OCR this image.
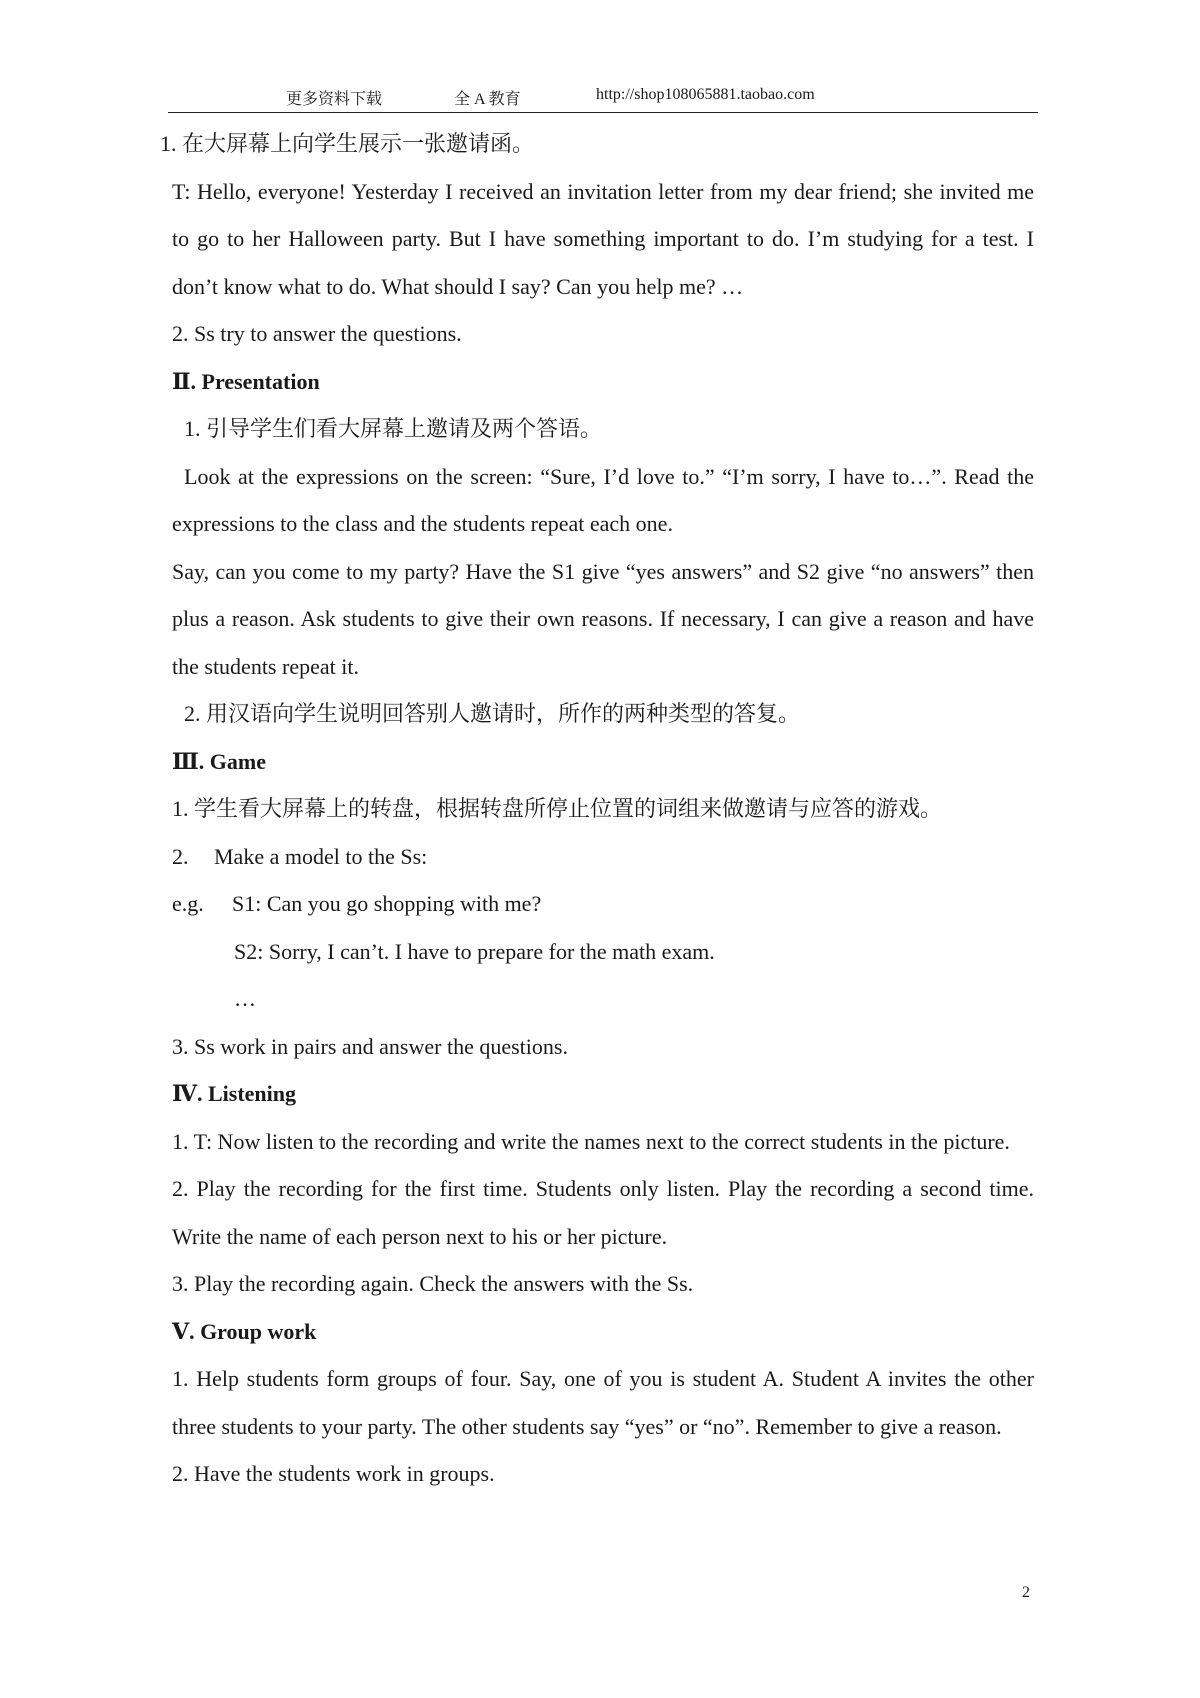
更多资料下载	全 A 教育	http://shop108065881.taobao.com
1. 在大屏幕上向学生展示一张邀请函。
T: Hello, everyone! Yesterday I received an invitation letter from my dear friend; she invited me to go to her Halloween party. But I have something important to do. I’m studying for a test. I don’t know what to do. What should I say? Can you help me? …
2. Ss try to answer the questions.
Ⅱ. Presentation
1. 引导学生们看大屏幕上邀请及两个答语。
Look at the expressions on the screen: “Sure, I’d love to.” “I’m sorry, I have to…”. Read the expressions to the class and the students repeat each one.
Say, can you come to my party? Have the S1 give “yes answers” and S2 give “no answers” then plus a reason. Ask students to give their own reasons. If necessary, I can give a reason and have the students repeat it.
2. 用汉语向学生说明回答别人邀请时，所作的两种类型的答复。
Ⅲ. Game
1. 学生看大屏幕上的转盘，根据转盘所停止位置的词组来做邀请与应答的游戏。
2. Make a model to the Ss:
e.g. S1: Can you go shopping with me?
S2: Sorry, I can’t. I have to prepare for the math exam.
…
3. Ss work in pairs and answer the questions.
Ⅳ. Listening
1. T: Now listen to the recording and write the names next to the correct students in the picture.
2. Play the recording for the first time. Students only listen. Play the recording a second time. Write the name of each person next to his or her picture.
3. Play the recording again. Check the answers with the Ss.
Ⅴ. Group work
1. Help students form groups of four. Say, one of you is student A. Student A invites the other three students to your party. The other students say “yes” or “no”. Remember to give a reason.
2. Have the students work in groups.
2
